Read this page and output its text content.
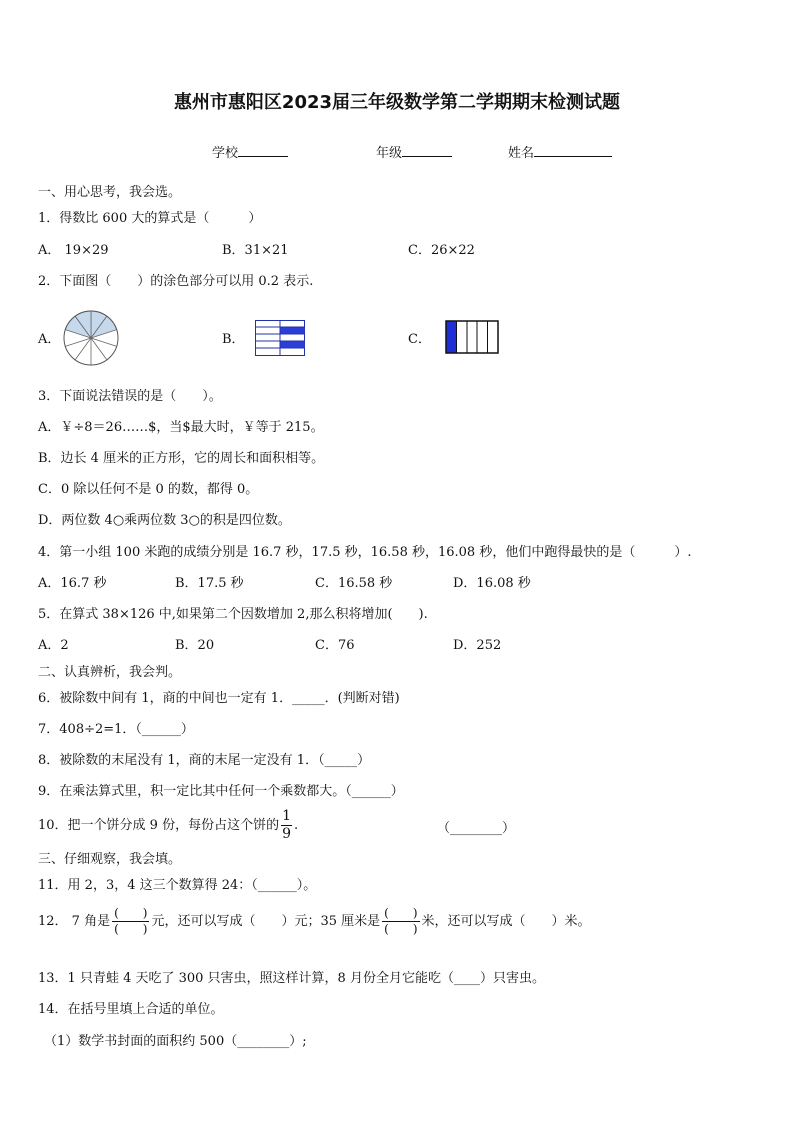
惠州市惠阳区2023届三年级数学第二学期期末检测试题
学校	年级	姓名
一、用心思考，我会选。
1．得数比 600 大的算式是（　　　）
A． 19×29	B．31×21	C．26×22
2．下面图（　　）的涂色部分可以用 0.2 表示.
A．	B．	C．
3．下面说法错误的是（　　）。
A．￥÷8＝26……$，当$最大时，￥等于 215。
B．边长 4 厘米的正方形，它的周长和面积相等。
C．0 除以任何不是 0 的数，都得 0。
D．两位数 4○乘两位数 3○的积是四位数。
4．第一小组 100 米跑的成绩分别是 16.7 秒，17.5 秒，16.58 秒，16.08 秒，他们中跑得最快的是（　　　）.
A．16.7 秒	B．17.5 秒	C．16.58 秒	D．16.08 秒
5．在算式 38×126 中,如果第二个因数增加 2,那么积将增加(　　).
A．2	B．20	C．76	D．252
二、认真辨析，我会判。
6．被除数中间有 1，商的中间也一定有 1．_____．(判断对错)
7．408÷2=1．（______）
8．被除数的末尾没有 1，商的末尾一定没有 1．（_____）
9．在乘法算式里，积一定比其中任何一个乘数都大。（______）
10．把一个饼分成 9 份，每份占这个饼的 $\frac{1}{9}$ .	（________）
三、仔细观察，我会填。
11．用 2，3，4 这三个数算得 24：（______）。
12． 7 角是 $\frac{( )}{( )}$ 元，还可以写成（　　）元；35 厘米是 $\frac{( )}{( )}$ 米，还可以写成（　　）米。
13．1 只青蛙 4 天吃了 300 只害虫，照这样计算，8 月份全月它能吃（____）只害虫。
14．在括号里填上合适的单位。
（1）数学书封面的面积约 500（________）;
